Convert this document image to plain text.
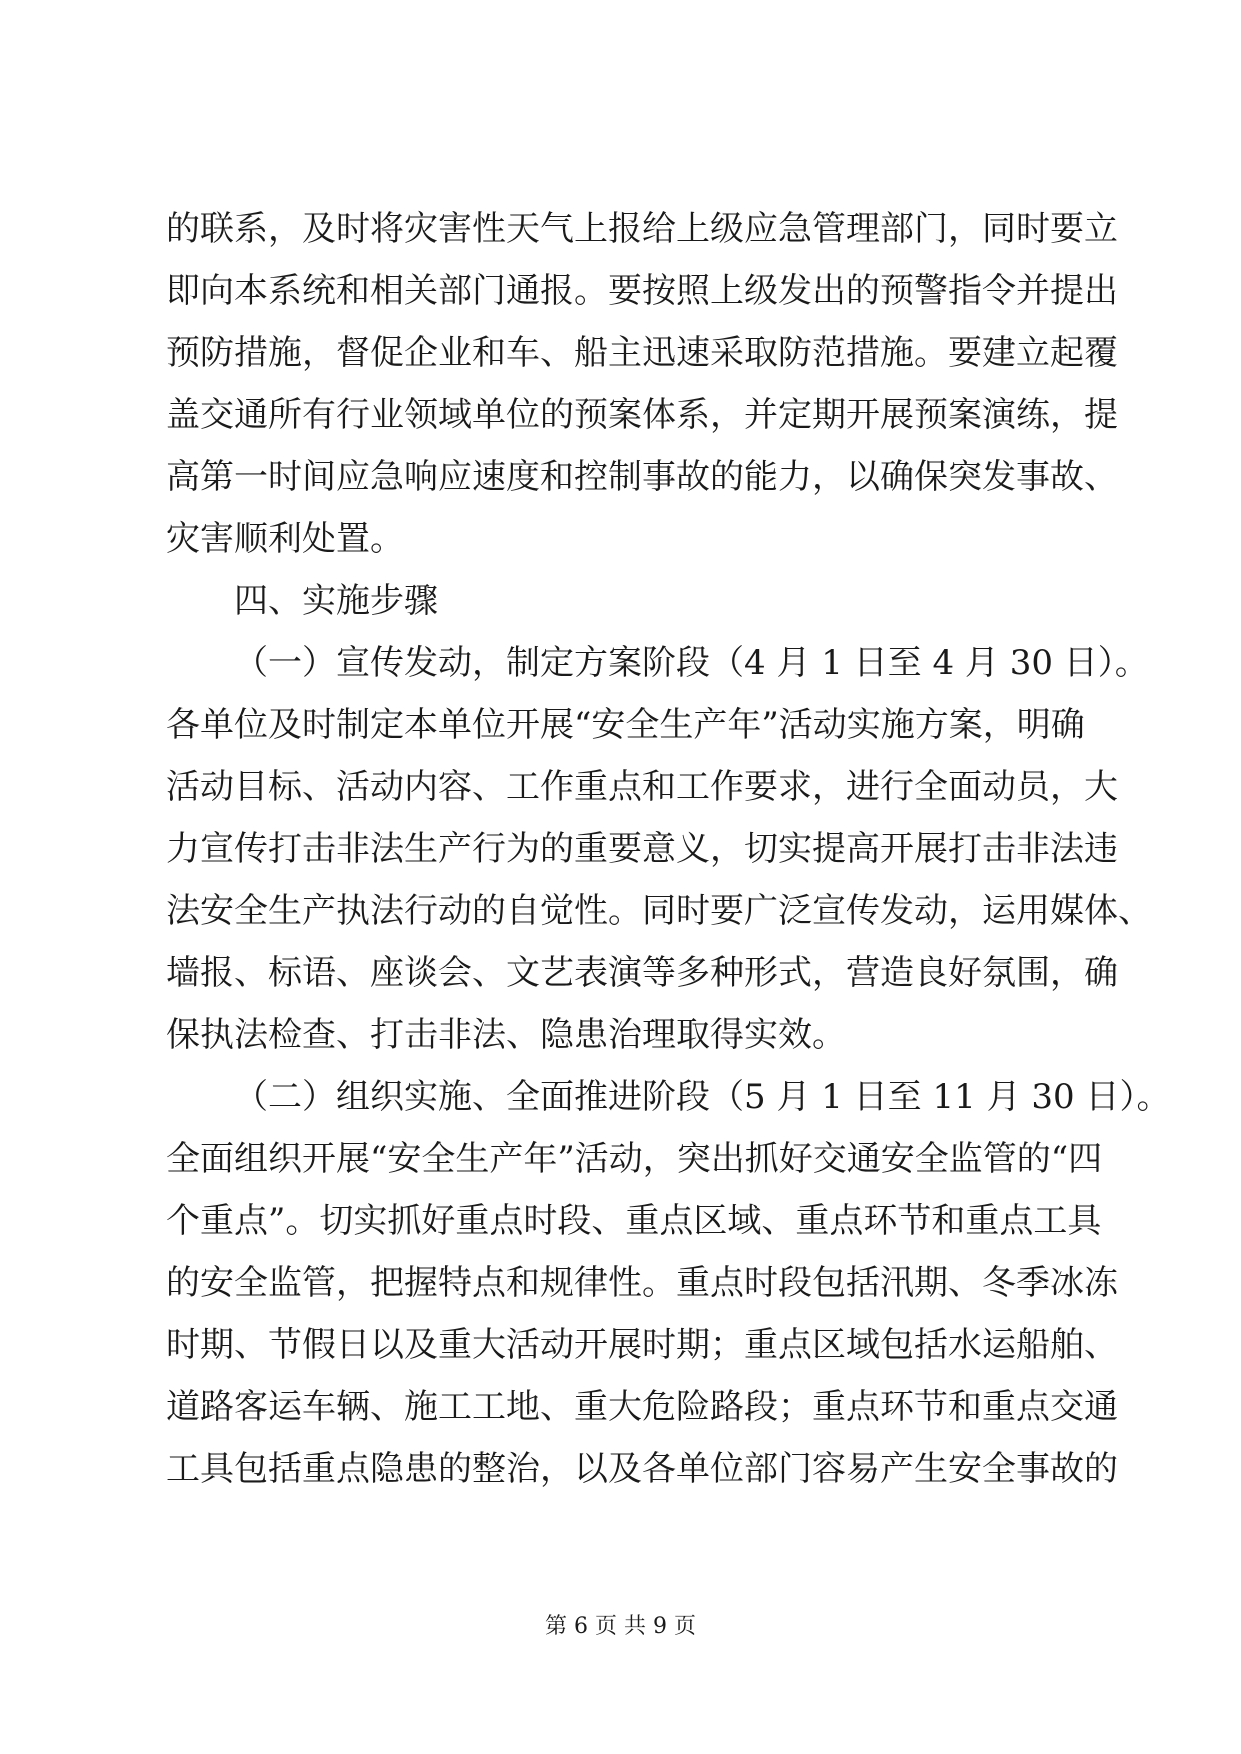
的联系，及时将灾害性天气上报给上级应急管理部门，同时要立
即向本系统和相关部门通报。要按照上级发出的预警指令并提出
预防措施，督促企业和车、船主迅速采取防范措施。要建立起覆
盖交通所有行业领域单位的预案体系，并定期开展预案演练，提
高第一时间应急响应速度和控制事故的能力，以确保突发事故、
灾害顺利处置。
四、实施步骤
（一）宣传发动，制定方案阶段（4 月 1 日至 4 月 30 日）。
各单位及时制定本单位开展“安全生产年”活动实施方案，明确
活动目标、活动内容、工作重点和工作要求，进行全面动员，大
力宣传打击非法生产行为的重要意义，切实提高开展打击非法违
法安全生产执法行动的自觉性。同时要广泛宣传发动，运用媒体、
墙报、标语、座谈会、文艺表演等多种形式，营造良好氛围，确
保执法检查、打击非法、隐患治理取得实效。
（二）组织实施、全面推进阶段（5 月 1 日至 11 月 30 日）。
全面组织开展“安全生产年”活动，突出抓好交通安全监管的“四
个重点”。切实抓好重点时段、重点区域、重点环节和重点工具
的安全监管，把握特点和规律性。重点时段包括汛期、冬季冰冻
时期、节假日以及重大活动开展时期；重点区域包括水运船舶、
道路客运车辆、施工工地、重大危险路段；重点环节和重点交通
工具包括重点隐患的整治，以及各单位部门容易产生安全事故的
第 6 页 共 9 页
